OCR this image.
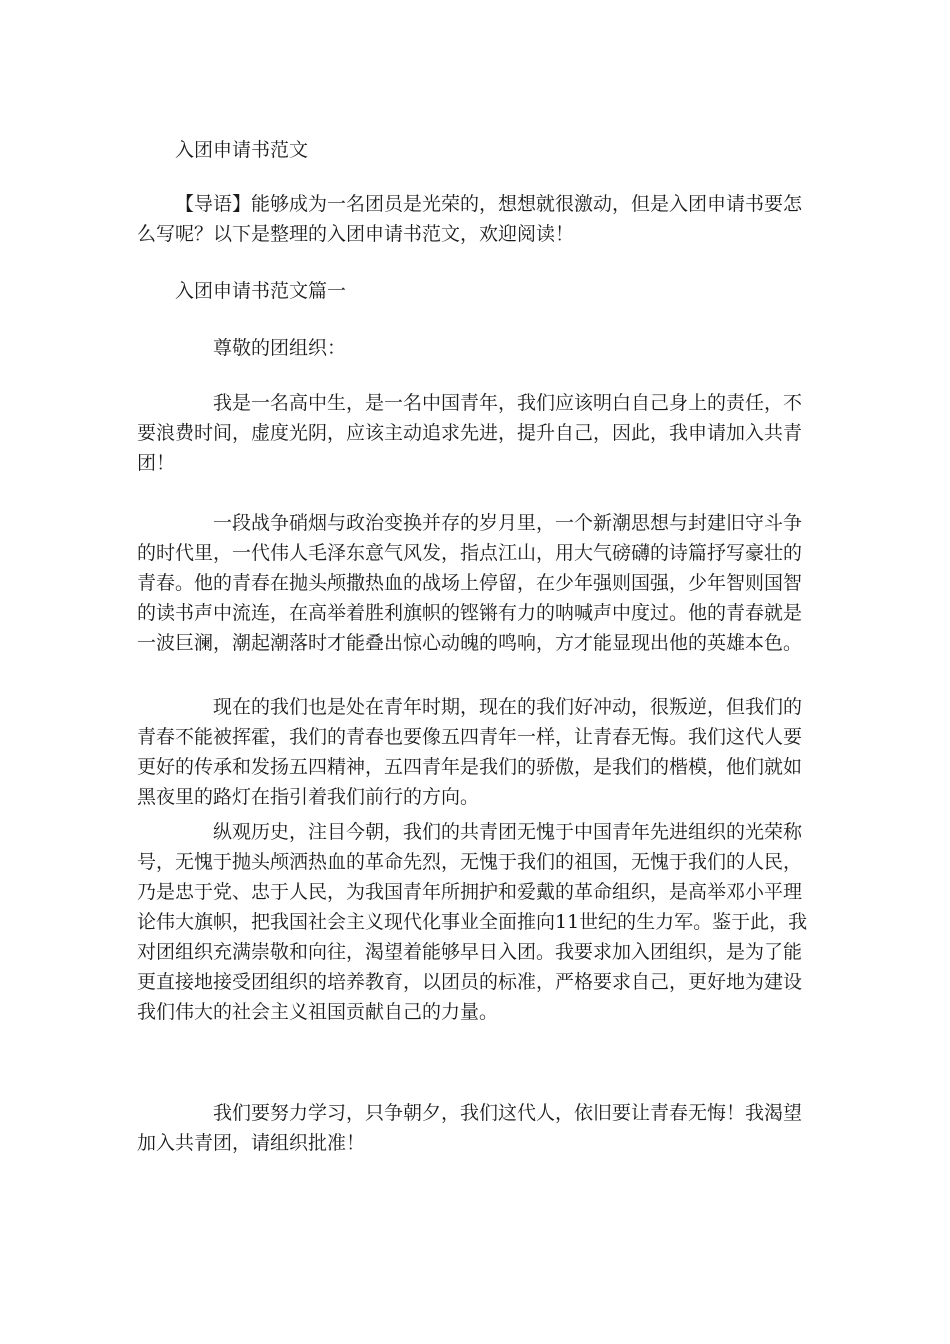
入团申请书范文

【导语】能够成为一名团员是光荣的，想想就很激动，但是入团申请书要怎

么写呢？以下是整理的入团申请书范文，欢迎阅读！

入团申请书范文篇一

尊敬的团组织：

我是一名高中生，是一名中国青年，我们应该明白自己身上的责任，不

要浪费时间，虚度光阴，应该主动追求先进，提升自己，因此，我申请加入共青

团！

一段战争硝烟与政治变换并存的岁月里，一个新潮思想与封建旧守斗争

的时代里，一代伟人毛泽东意气风发，指点江山，用大气磅礴的诗篇抒写豪壮的

青春。他的青春在抛头颅撒热血的战场上停留，在少年强则国强，少年智则国智

的读书声中流连，在高举着胜利旗帜的铿锵有力的呐喊声中度过。他的青春就是

一波巨澜，潮起潮落时才能叠出惊心动魄的鸣响，方才能显现出他的英雄本色。

现在的我们也是处在青年时期，现在的我们好冲动，很叛逆，但我们的

青春不能被挥霍，我们的青春也要像五四青年一样，让青春无悔。我们这代人要

更好的传承和发扬五四精神，五四青年是我们的骄傲，是我们的楷模，他们就如

黑夜里的路灯在指引着我们前行的方向。

纵观历史，注目今朝，我们的共青团无愧于中国青年先进组织的光荣称

号，无愧于抛头颅洒热血的革命先烈，无愧于我们的祖国，无愧于我们的人民，

乃是忠于党、忠于人民，为我国青年所拥护和爱戴的革命组织，是高举邓小平理

论伟大旗帜，把我国社会主义现代化事业全面推向11世纪的生力军。鉴于此，我

对团组织充满崇敬和向往，渴望着能够早日入团。我要求加入团组织，是为了能

更直接地接受团组织的培养教育，以团员的标准，严格要求自己，更好地为建设

我们伟大的社会主义祖国贡献自己的力量。

我们要努力学习，只争朝夕，我们这代人，依旧要让青春无悔！我渴望

加入共青团，请组织批准！
